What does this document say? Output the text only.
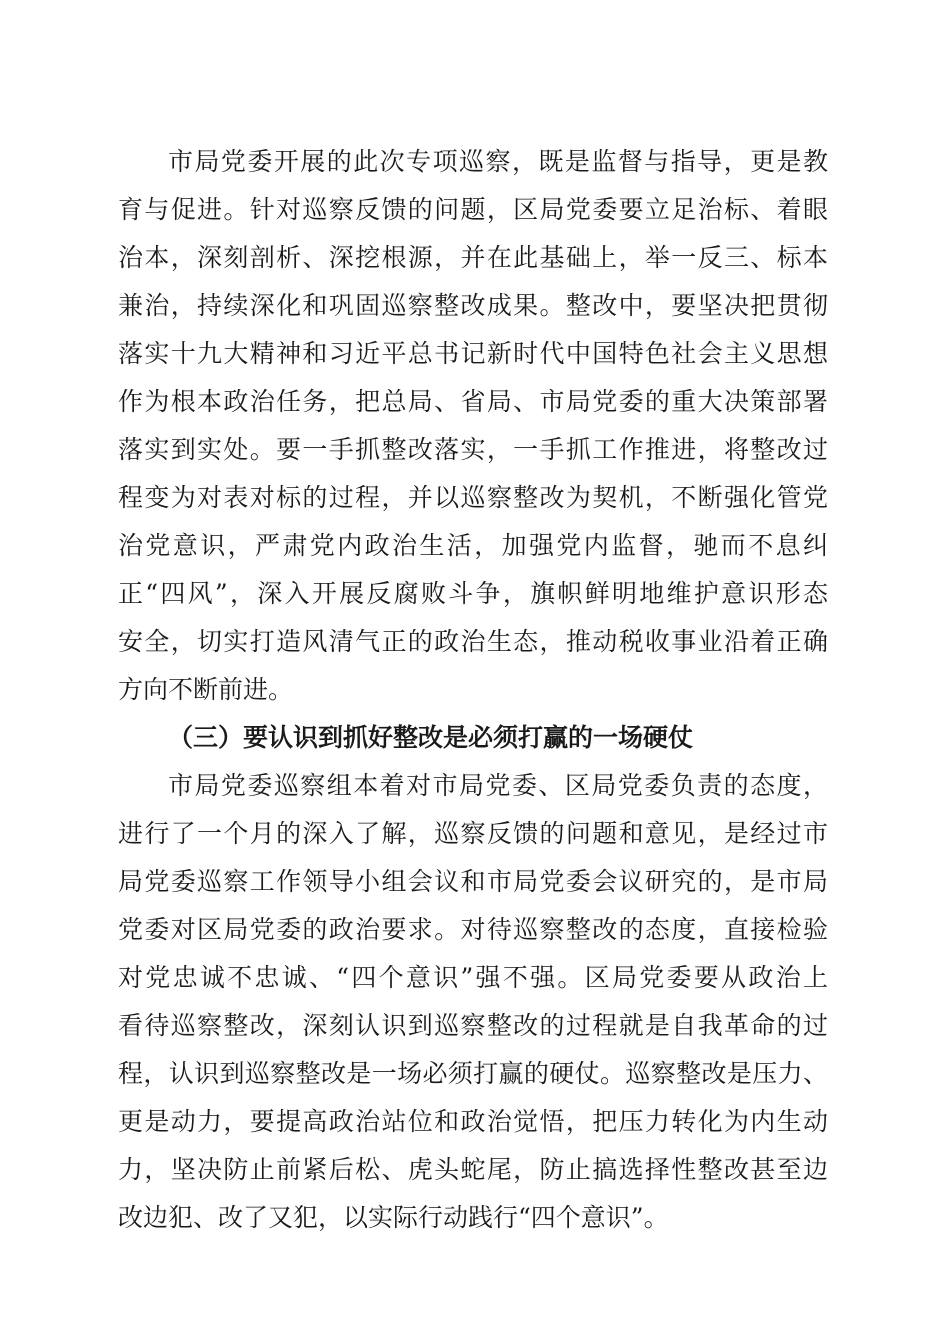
市局党委开展的此次专项巡察，既是监督与指导，更是教
育与促进。针对巡察反馈的问题，区局党委要立足治标、着眼
治本，深刻剖析、深挖根源，并在此基础上，举一反三、标本
兼治，持续深化和巩固巡察整改成果。整改中，要坚决把贯彻
落实十九大精神和习近平总书记新时代中国特色社会主义思想
作为根本政治任务，把总局、省局、市局党委的重大决策部署
落实到实处。要一手抓整改落实，一手抓工作推进，将整改过
程变为对表对标的过程，并以巡察整改为契机，不断强化管党
治党意识，严肃党内政治生活，加强党内监督，驰而不息纠
正“四风”，深入开展反腐败斗争，旗帜鲜明地维护意识形态
安全，切实打造风清气正的政治生态，推动税收事业沿着正确
方向不断前进。
（三）要认识到抓好整改是必须打赢的一场硬仗
市局党委巡察组本着对市局党委、区局党委负责的态度，
进行了一个月的深入了解，巡察反馈的问题和意见，是经过市
局党委巡察工作领导小组会议和市局党委会议研究的，是市局
党委对区局党委的政治要求。对待巡察整改的态度，直接检验
对党忠诚不忠诚、“四个意识”强不强。区局党委要从政治上
看待巡察整改，深刻认识到巡察整改的过程就是自我革命的过
程，认识到巡察整改是一场必须打赢的硬仗。巡察整改是压力、
更是动力，要提高政治站位和政治觉悟，把压力转化为内生动
力，坚决防止前紧后松、虎头蛇尾，防止搞选择性整改甚至边
改边犯、改了又犯，以实际行动践行“四个意识”。
